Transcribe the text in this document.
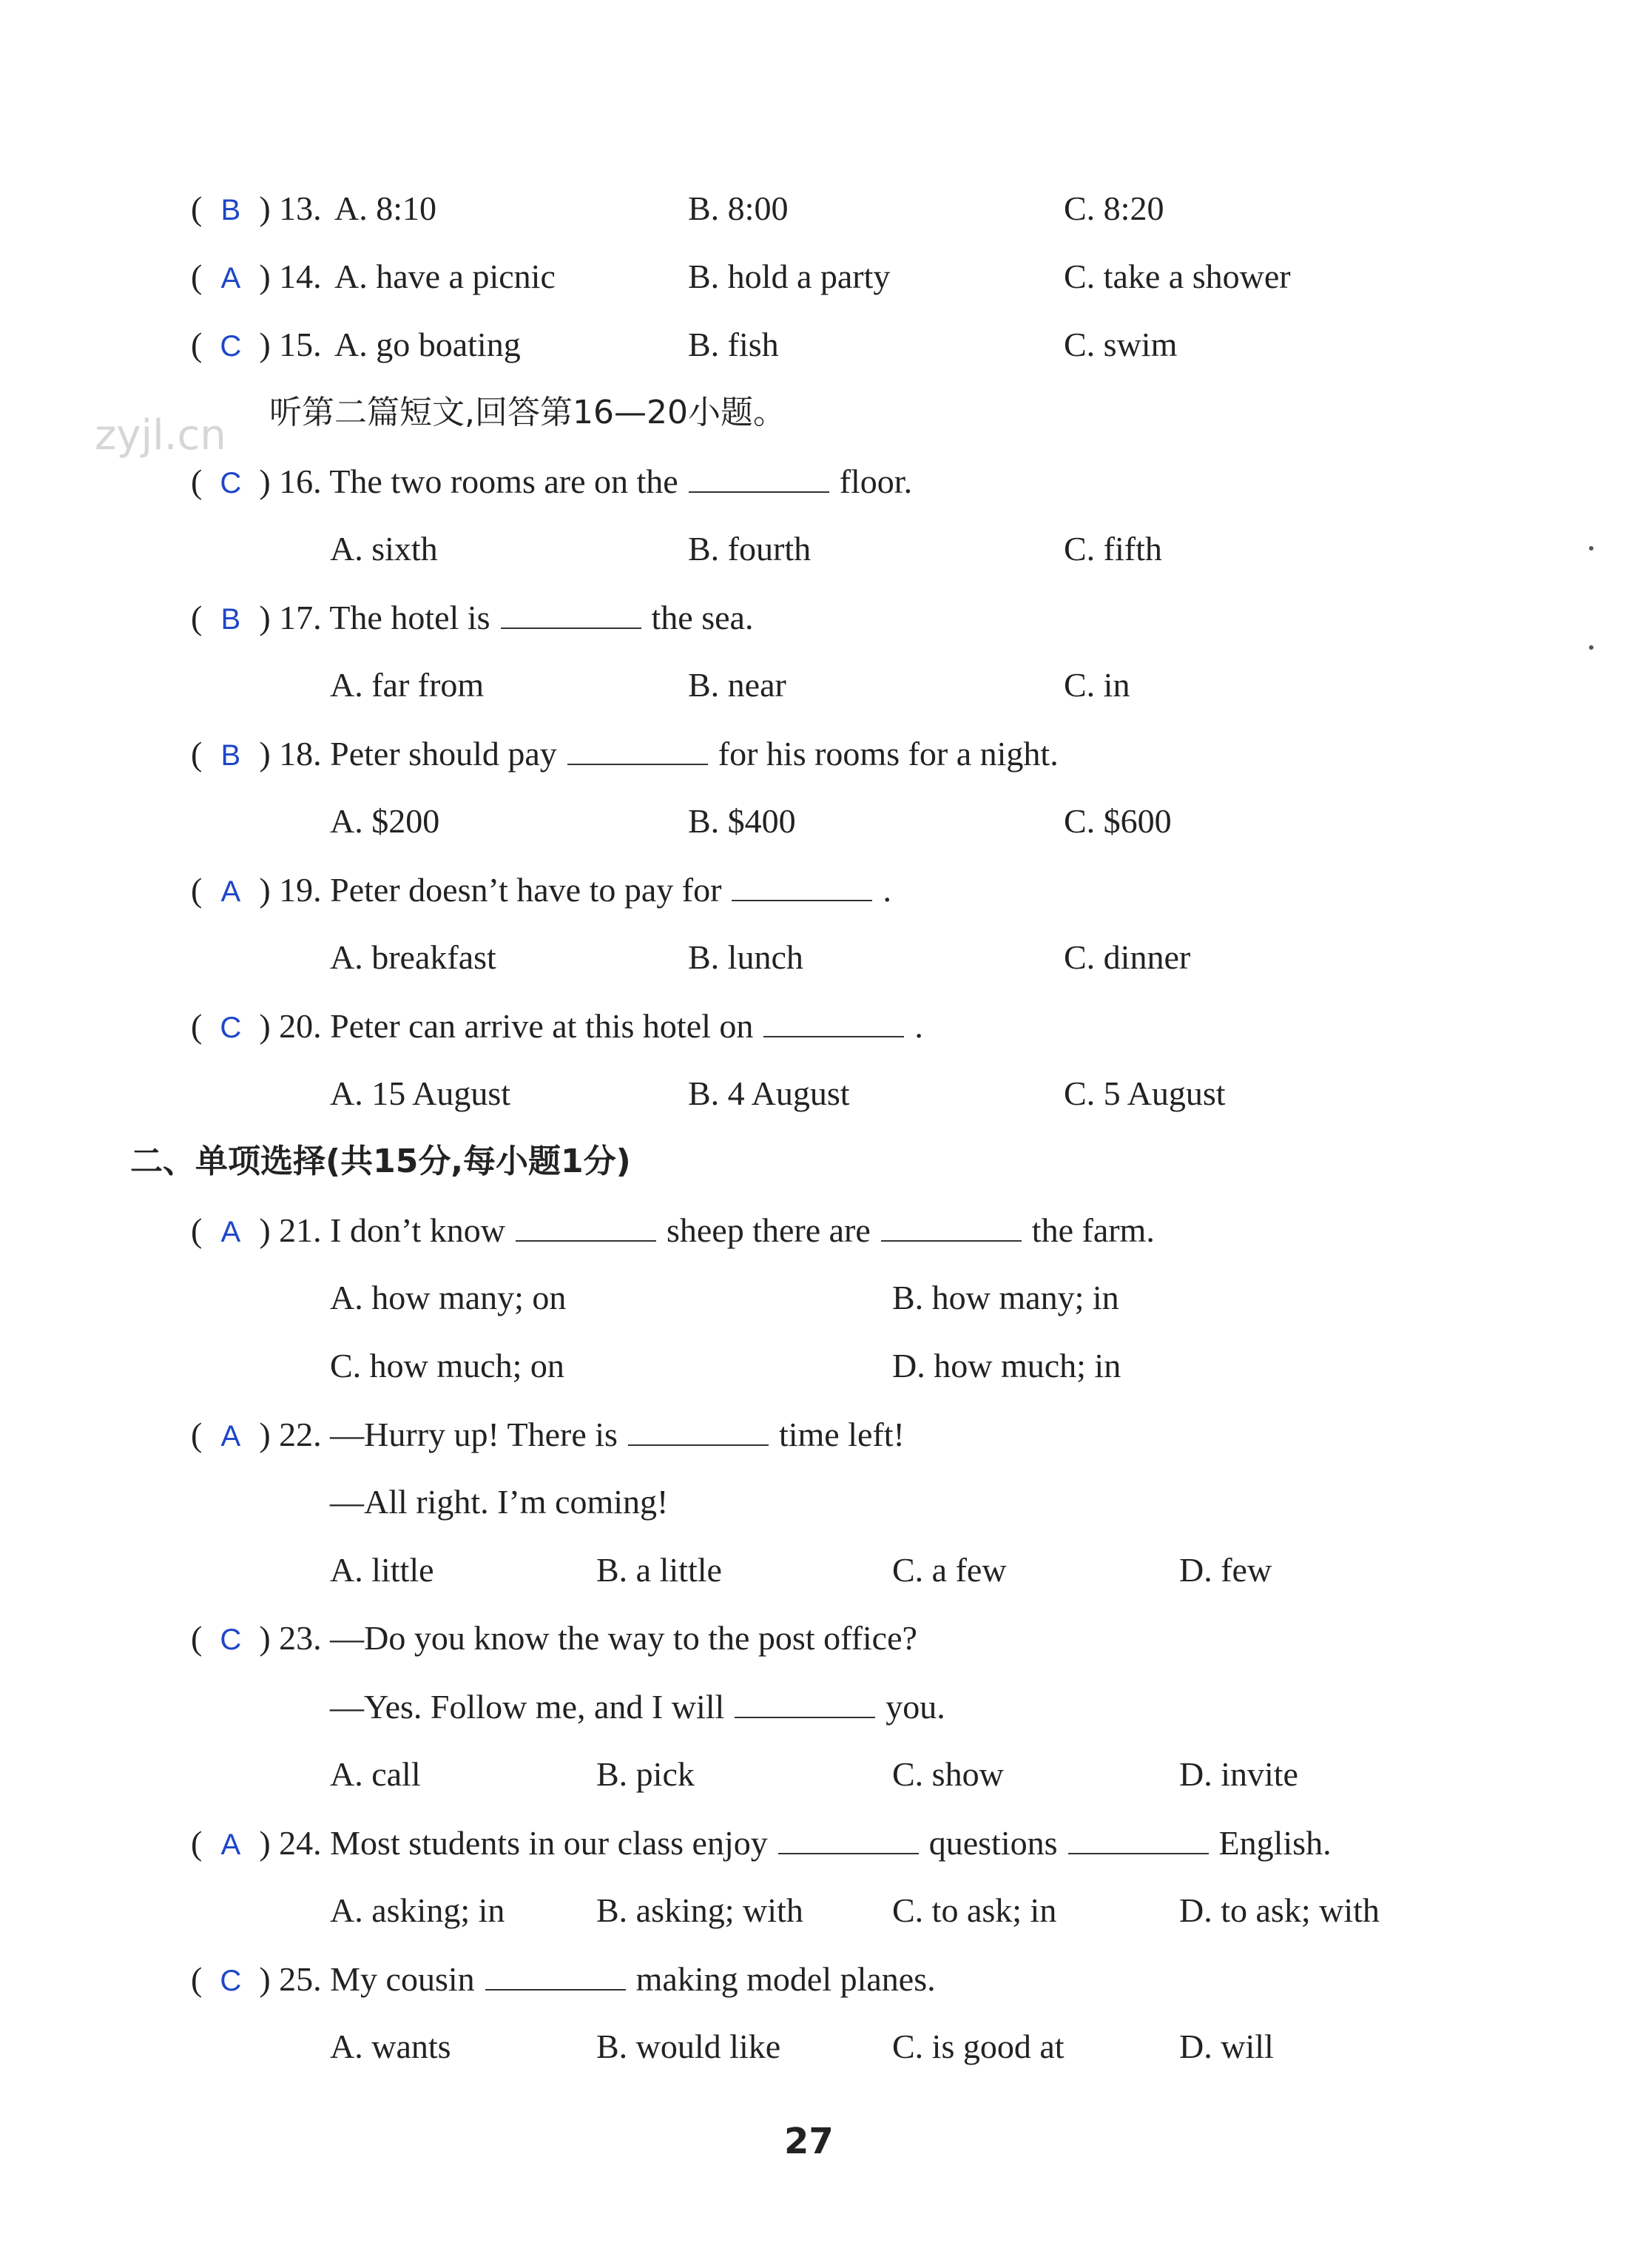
zyjl.cn
( B ) 13. A. 8:10	B. 8:00	C. 8:20
( A ) 14. A. have a picnic	B. hold a party	C. take a shower
( C ) 15. A. go boating	B. fish	C. swim
听第二篇短文,回答第16—20小题。
( C ) 16. The two rooms are on the	floor.
A. sixth	B. fourth	C. fifth
( B ) 17. The hotel is	the sea.
A. far from	B. near	C. in
( B ) 18. Peter should pay	for his rooms for a night.
A. $200	B. $400	C. $600
( A ) 19. Peter doesn’t have to pay for	.
A. breakfast	B. lunch	C. dinner
( C ) 20. Peter can arrive at this hotel on	.
A. 15 August	B. 4 August	C. 5 August
二、单项选择(共15分,每小题1分)
( A ) 21. I don’t know	sheep there are	the farm.
A. how many; on	B. how many; in
C. how much; on	D. how much; in
( A ) 22. —Hurry up! There is	time left!
—All right. I’m coming!
A. little	B. a little	C. a few	D. few
( C ) 23. —Do you know the way to the post office?
—Yes. Follow me, and I will	you.
A. call	B. pick	C. show	D. invite
( A ) 24. Most students in our class enjoy	questions	English.
A. asking; in	B. asking; with	C. to ask; in	D. to ask; with
( C ) 25. My cousin	making model planes.
A. wants	B. would like	C. is good at	D. will
27
